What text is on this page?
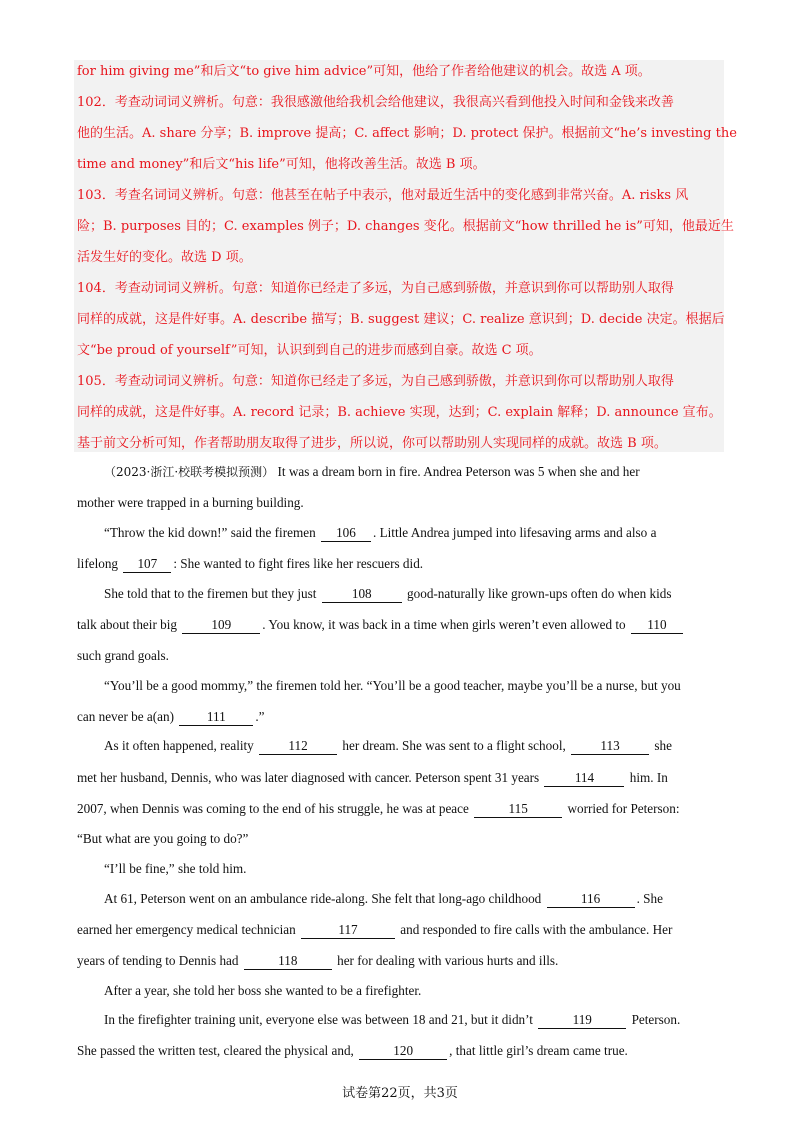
for him giving me”和后文“to give him advice”可知，他给了作者给他建议的机会。故选 A 项。
102．考查动词词义辨析。句意：我很感激他给我机会给他建议，我很高兴看到他投入时间和金钱来改善
他的生活。A. share 分享；B. improve 提高；C. affect 影响；D. protect 保护。根据前文“he’s investing the
time and money”和后文“his life”可知，他将改善生活。故选 B 项。
103．考查名词词义辨析。句意：他甚至在帖子中表示，他对最近生活中的变化感到非常兴奋。A. risks 风
险；B. purposes 目的；C. examples 例子；D. changes 变化。根据前文“how thrilled he is”可知，他最近生
活发生好的变化。故选 D 项。
104．考查动词词义辨析。句意：知道你已经走了多远，为自己感到骄傲，并意识到你可以帮助别人取得
同样的成就，这是件好事。A. describe 描写；B. suggest 建议；C. realize 意识到；D. decide 决定。根据后
文“be proud of yourself”可知，认识到到自己的进步而感到自豪。故选 C 项。
105．考查动词词义辨析。句意：知道你已经走了多远，为自己感到骄傲，并意识到你可以帮助别人取得
同样的成就，这是件好事。A. record 记录；B. achieve 实现，达到；C. explain 解释；D. announce 宣布。
基于前文分析可知，作者帮助朋友取得了进步，所以说，你可以帮助别人实现同样的成就。故选 B 项。
（2023·浙江·校联考模拟预测） It was a dream born in fire. Andrea Peterson was 5 when she and her
mother were trapped in a burning building.
“Throw the kid down!” said the firemen 106 . Little Andrea jumped into lifesaving arms and also a
lifelong 107 : She wanted to fight fires like her rescuers did.
She told that to the firemen but they just 108 good-naturally like grown-ups often do when kids
talk about their big 109 . You know, it was back in a time when girls weren’t even allowed to 110
such grand goals.
“You’ll be a good mommy,” the firemen told her. “You’ll be a good teacher, maybe you’ll be a nurse, but you
can never be a(an) 111 .”
As it often happened, reality 112 her dream. She was sent to a flight school, 113 she
met her husband, Dennis, who was later diagnosed with cancer. Peterson spent 31 years 114 him. In
2007, when Dennis was coming to the end of his struggle, he was at peace	115	worried for Peterson:
“But what are you going to do?”
“I’ll be fine,” she told him.
At 61, Peterson went on an ambulance ride-along. She felt that long-ago childhood	116	. She
earned her emergency medical technician	117	and responded to fire calls with the ambulance. Her
years of tending to Dennis had	118	her for dealing with various hurts and ills.
After a year, she told her boss she wanted to be a firefighter.
In the firefighter training unit, everyone else was between 18 and 21, but it didn’t	119	Peterson.
She passed the written test, cleared the physical and,	120	, that little girl’s dream came true.
试卷第22页，共3页
